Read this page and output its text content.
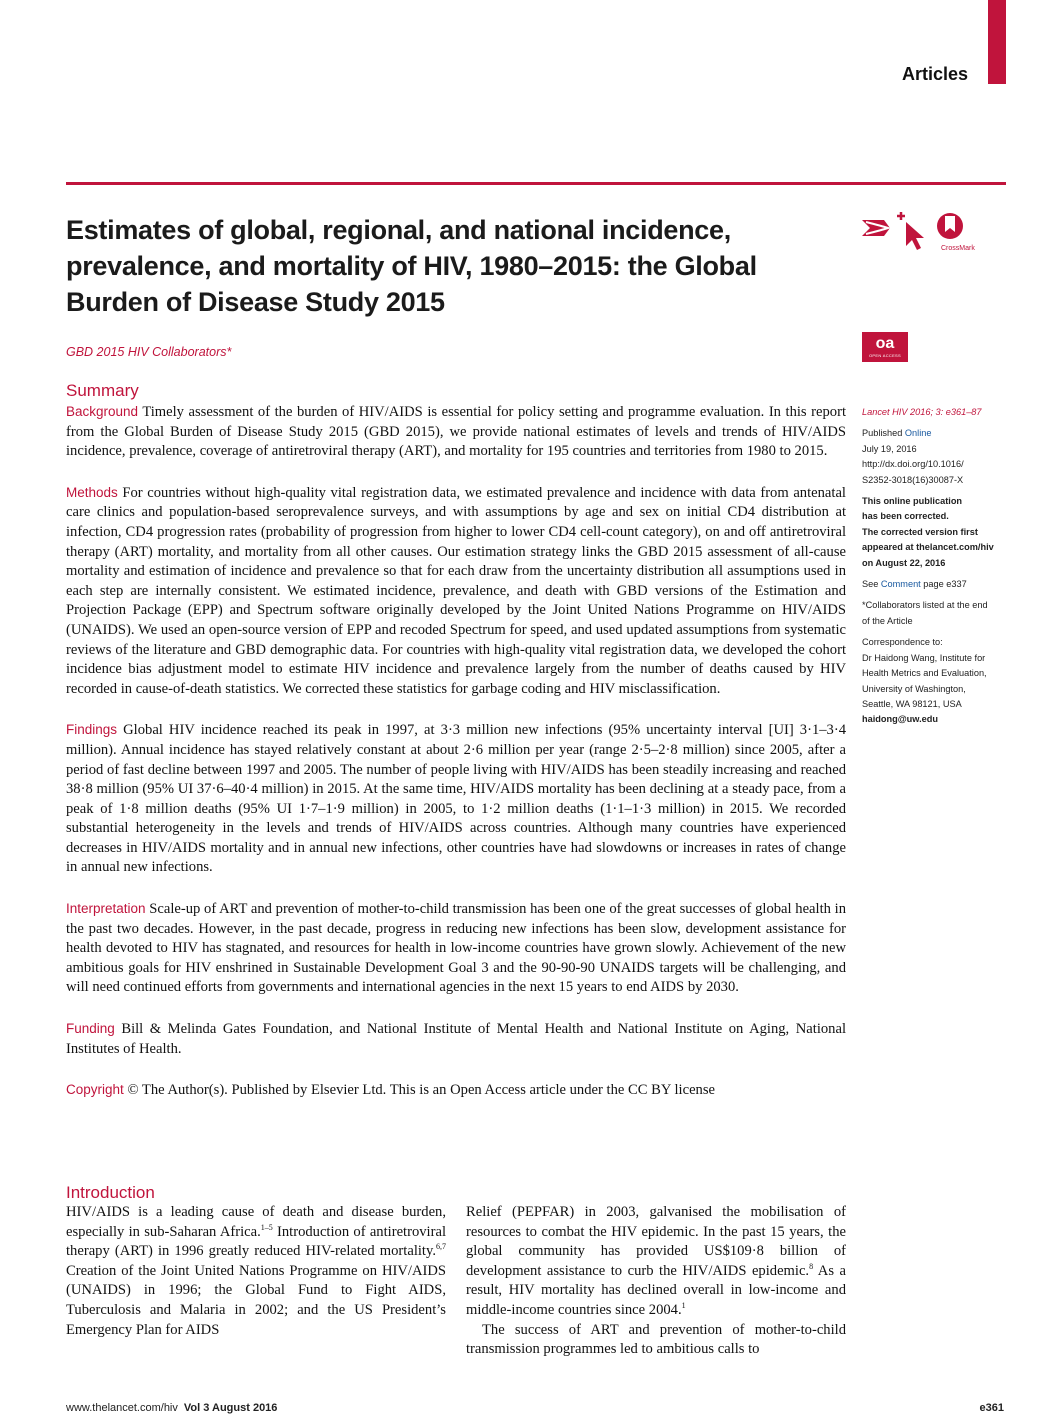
Articles
Estimates of global, regional, and national incidence, prevalence, and mortality of HIV, 1980–2015: the Global Burden of Disease Study 2015
GBD 2015 HIV Collaborators*
CrossMark
oa
OPEN ACCESS
Summary

Background Timely assessment of the burden of HIV/AIDS is essential for policy setting and programme evaluation. In this report from the Global Burden of Disease Study 2015 (GBD 2015), we provide national estimates of levels and trends of HIV/AIDS incidence, prevalence, coverage of antiretroviral therapy (ART), and mortality for 195 countries and territories from 1980 to 2015.

Methods For countries without high-quality vital registration data, we estimated prevalence and incidence with data from antenatal care clinics and population-based seroprevalence surveys, and with assumptions by age and sex on initial CD4 distribution at infection, CD4 progression rates (probability of progression from higher to lower CD4 cell-count category), on and off antiretroviral therapy (ART) mortality, and mortality from all other causes. Our estimation strategy links the GBD 2015 assessment of all-cause mortality and estimation of incidence and prevalence so that for each draw from the uncertainty distribution all assumptions used in each step are internally consistent. We estimated incidence, prevalence, and death with GBD versions of the Estimation and Projection Package (EPP) and Spectrum software originally developed by the Joint United Nations Programme on HIV/AIDS (UNAIDS). We used an open-source version of EPP and recoded Spectrum for speed, and used updated assumptions from systematic reviews of the literature and GBD demographic data. For countries with high-quality vital registration data, we developed the cohort incidence bias adjustment model to estimate HIV incidence and prevalence largely from the number of deaths caused by HIV recorded in cause-of-death statistics. We corrected these statistics for garbage coding and HIV misclassification.

Findings Global HIV incidence reached its peak in 1997, at 3·3 million new infections (95% uncertainty interval [UI] 3·1–3·4 million). Annual incidence has stayed relatively constant at about 2·6 million per year (range 2·5–2·8 million) since 2005, after a period of fast decline between 1997 and 2005. The number of people living with HIV/AIDS has been steadily increasing and reached 38·8 million (95% UI 37·6–40·4 million) in 2015. At the same time, HIV/AIDS mortality has been declining at a steady pace, from a peak of 1·8 million deaths (95% UI 1·7–1·9 million) in 2005, to 1·2 million deaths (1·1–1·3 million) in 2015. We recorded substantial heterogeneity in the levels and trends of HIV/AIDS across countries. Although many countries have experienced decreases in HIV/AIDS mortality and in annual new infections, other countries have had slowdowns or increases in rates of change in annual new infections.

Interpretation Scale-up of ART and prevention of mother-to-child transmission has been one of the great successes of global health in the past two decades. However, in the past decade, progress in reducing new infections has been slow, development assistance for health devoted to HIV has stagnated, and resources for health in low-income countries have grown slowly. Achievement of the new ambitious goals for HIV enshrined in Sustainable Development Goal 3 and the 90-90-90 UNAIDS targets will be challenging, and will need continued efforts from governments and international agencies in the next 15 years to end AIDS by 2030.

Funding Bill & Melinda Gates Foundation, and National Institute of Mental Health and National Institute on Aging, National Institutes of Health.

Copyright © The Author(s). Published by Elsevier Ltd. This is an Open Access article under the CC BY license

Lancet HIV 2016; 3: e361–87

Published Online
July 19, 2016
http://dx.doi.org/10.1016/
S2352-3018(16)30087-X

This online publication
has been corrected.
The corrected version first
appeared at thelancet.com/hiv
on August 22, 2016

See Comment page e337

*Collaborators listed at the end
of the Article

Correspondence to:
Dr Haidong Wang, Institute for
Health Metrics and Evaluation,
University of Washington,
Seattle, WA 98121, USA
haidong@uw.edu

Introduction

HIV/AIDS is a leading cause of death and disease burden, especially in sub-Saharan Africa.$^{1-5}$ Introduction of antiretroviral therapy (ART) in 1996 greatly reduced HIV-related mortality.$^{6,7}$ Creation of the Joint United Nations Programme on HIV/AIDS (UNAIDS) in 1996; the Global Fund to Fight AIDS, Tuberculosis and Malaria in 2002; and the US President’s Emergency Plan for AIDS

Relief (PEPFAR) in 2003, galvanised the mobilisation of resources to combat the HIV epidemic. In the past 15 years, the global community has provided US$109·8 billion of development assistance to curb the HIV/AIDS epidemic.$^8$ As a result, HIV mortality has declined overall in low-income and middle-income countries since 2004.$^1$

The success of ART and prevention of mother-to-child transmission programmes led to ambitious calls to

www.thelancet.com/hiv Vol 3 August 2016	e361
